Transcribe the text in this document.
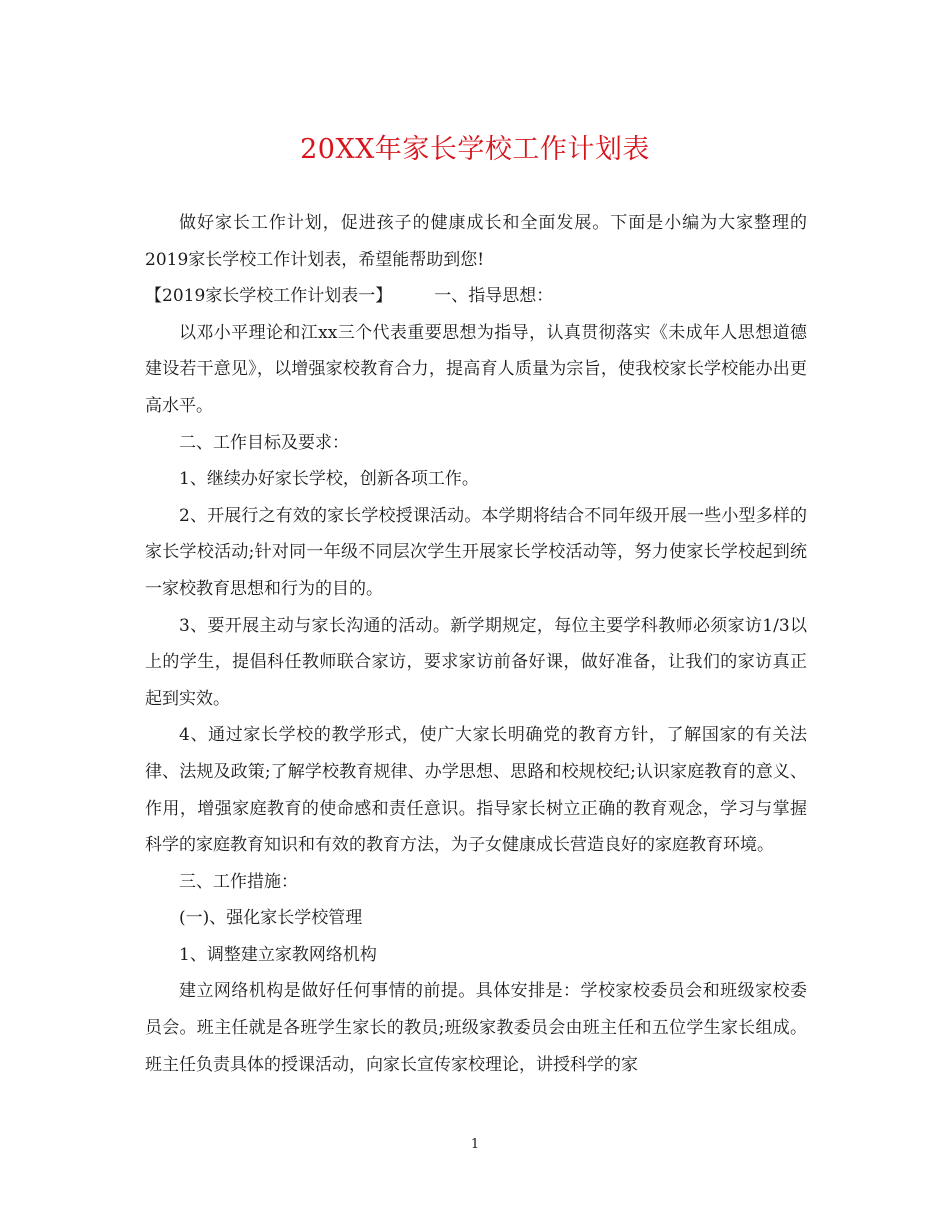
20XX年家长学校工作计划表

做好家长工作计划，促进孩子的健康成长和全面发展。下面是小编为大家整理的2019家长学校工作计划表，希望能帮助到您!

【2019家长学校工作计划表一】 一、指导思想：

以邓小平理论和江xx三个代表重要思想为指导，认真贯彻落实《未成年人思想道德建设若干意见》，以增强家校教育合力，提高育人质量为宗旨，使我校家长学校能办出更高水平。

二、工作目标及要求：

1、继续办好家长学校，创新各项工作。

2、开展行之有效的家长学校授课活动。本学期将结合不同年级开展一些小型多样的家长学校活动;针对同一年级不同层次学生开展家长学校活动等，努力使家长学校起到统一家校教育思想和行为的目的。

3、要开展主动与家长沟通的活动。新学期规定，每位主要学科教师必须家访1/3以上的学生，提倡科任教师联合家访，要求家访前备好课，做好准备，让我们的家访真正起到实效。

4、通过家长学校的教学形式，使广大家长明确党的教育方针，了解国家的有关法律、法规及政策;了解学校教育规律、办学思想、思路和校规校纪;认识家庭教育的意义、作用，增强家庭教育的使命感和责任意识。指导家长树立正确的教育观念，学习与掌握科学的家庭教育知识和有效的教育方法，为子女健康成长营造良好的家庭教育环境。

三、工作措施：

(一)、强化家长学校管理

1、调整建立家教网络机构

建立网络机构是做好任何事情的前提。具体安排是：学校家校委员会和班级家校委员会。班主任就是各班学生家长的教员;班级家教委员会由班主任和五位学生家长组成。班主任负责具体的授课活动，向家长宣传家校理论，讲授科学的家

1
